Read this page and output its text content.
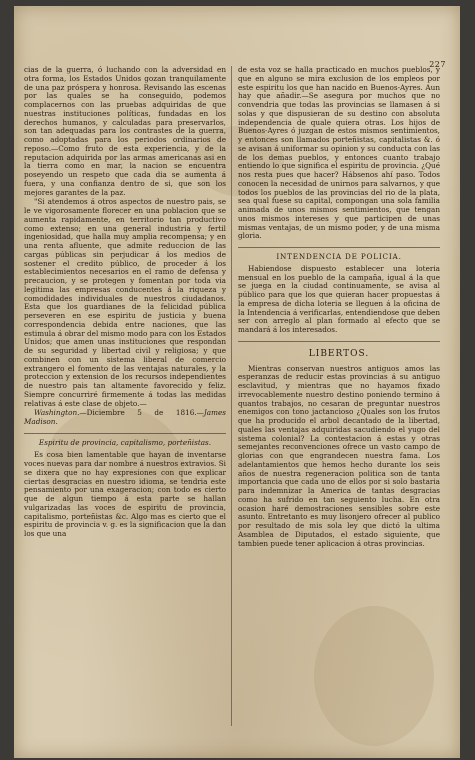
227

cias de la guerra, ó luchando con la adversidad en otra forma, los Estados Unidos gozan tranquilamente de una paz próspera y honrosa. Revisando las escenas por las quales se ha conseguido, podemos complacernos con las pruebas adquiridas de que nuestras instituciones políticas, fundadas en los derechos humanos, y calculadas para preservarlos, son tan adequadas para los contrastes de la guerra, como adoptadas para los periodos ordinarios de reposo.—Como fruto de esta experiencia, y de la reputacion adquirida por las armas americanas asi en la tierra como en mar, la nacion se encuentra poseyendo un respeto que cada dia se aumenta á fuera, y una confianza dentro de si, que son los mejores garantes de la paz.

"Si atendemos á otros aspectos de nuestro pais, se le ve vigorosamente florecer en una poblacion que se aumenta rapidamente, en territorio tan productivo como extenso; en una general industria y fertil ingeniosidad, que halla muy amplia recompensa; y en una renta afluente, que admite reduccion de las cargas públicas sin perjudicar á los medios de sostener el credito público, de proceder á los establecimientos necesarios en el ramo de defensa y precaucion, y se protegen y fomentan por toda via legitima las empresas conducentes á la riqueza y comodidades individuales de nuestros ciudadanos. Esta que los guardianes de la felicidad pública perseveren en ese espiritu de justicia y buena correspondencia debida entre naciones, que las estimula á obrar del mismo modo para con los Estados Unidos; que amen unas instituciones que respondan de su seguridad y libertad civil y religiosa; y que combinen con un sistema liberal de comercio extrangero el fomento de las ventajas naturales, y la proteccion y extension de los recursos independientes de nuestro pais tan altamente favorecido y feliz. Siempre concurriré firmemente á todas las medidas relativas á este clase de objeto.—

Washington.—Diciembre 5 de 1816.—James Madison.

Espiritu de provincia, capitalismo, porteñistas.

Es cosa bien lamentable que hayan de inventarse voces nuevas para dar nombre á nuestros extravios. Si se dixera que no hay expresiones con que explicar ciertas desgracias en nuestro idioma, se tendria este pensamiento por una exageracion; con todo es cierto que de algun tiempo á esta parte se hallan vulgarizadas las voces de espiritu de provincia, capitalismo, porteñistas &c. Algo mas es cierto que el espiritu de provincia v. g. es la significacion que la dan los que una

de esta voz se halla practicado en muchos pueblos, y que en alguno se mira exclusion de los empleos por este espiritu los que han nacido en Buenos-Ayres. Aun hay que añadir.—Se asegura por muchos que no convendria que todas las provincias se llamasen á si solas y que dispusieran de su destino con absoluta independencia de quale quiera otras. Los hijos de Buenos-Ayres ó juzgan de estos mismos sentimientos, y entonces son llamados porteñistas, capitalistas &. ó se avisan á uniformar su opinion y su conducta con las de los demas pueblos, y entonces cuanto trabajo entiendo lo que significa el espiritu de provincia. ¿Qué nos resta pues que hacer? Hábsenos ahí paso. Todos conocen la necesidad de unirnos para salvarnos, y que todos los pueblos de las provincias del rio de la plata, sea qual fuese su capital, compongan una sola familia animada de unos mismos sentimientos, que tengan unos mismos intereses y que participen de unas mismas ventajas, de un mismo poder, y de una misma gloria.

INTENDENCIA DE POLICIA.

Habiendose dispuesto establecer una loteria mensual en los pueblo de la campaña, igual á la que se juega en la ciudad continuamente, se avisa al público para que los que quieran hacer propuestas á la empresa de dicha loteria se lleguen á la oficina de la Intendencia á verificarlas, entendiendose que deben ser con arreglo al plan formado al efecto que se mandará á los interesados.

LIBERTOS.

Mientras conservan nuestros antiguos amos las esperanzas de reducir estas provincias á su antiguo esclavitud, y mientras que no hayamos fixado irrevocablemente nuestro destino poniendo termino á quantos trabajos, no cesaran de preguntar nuestros enemigos con tono jactancioso ¿Quales son los frutos que ha producido el arbol decantado de la libertad, quales las ventajas adquiridas sacudiendo el yugo del sistema colonial? La contestacion á estas y otras semejantes reconvenciones ofrece un vasto campo de glorias con que engrandecen nuestra fama. Los adelantamientos que hemos hecho durante los seis años de nuestra regeneracion politica son de tanta importancia que cada uno de ellos por si solo bastaria para indemnizar la America de tantas desgracias como ha sufrido en tan seguiento lucha. En otra ocasion haré demostraciones sensibles sobre este asunto. Entretanto es muy lisonjero ofrecer al publico por resultado de mis sola ley que dictó la ultima Asamblea de Diputados, el estado siguiente, que tambien puede tener aplicacion á otras provincias.
